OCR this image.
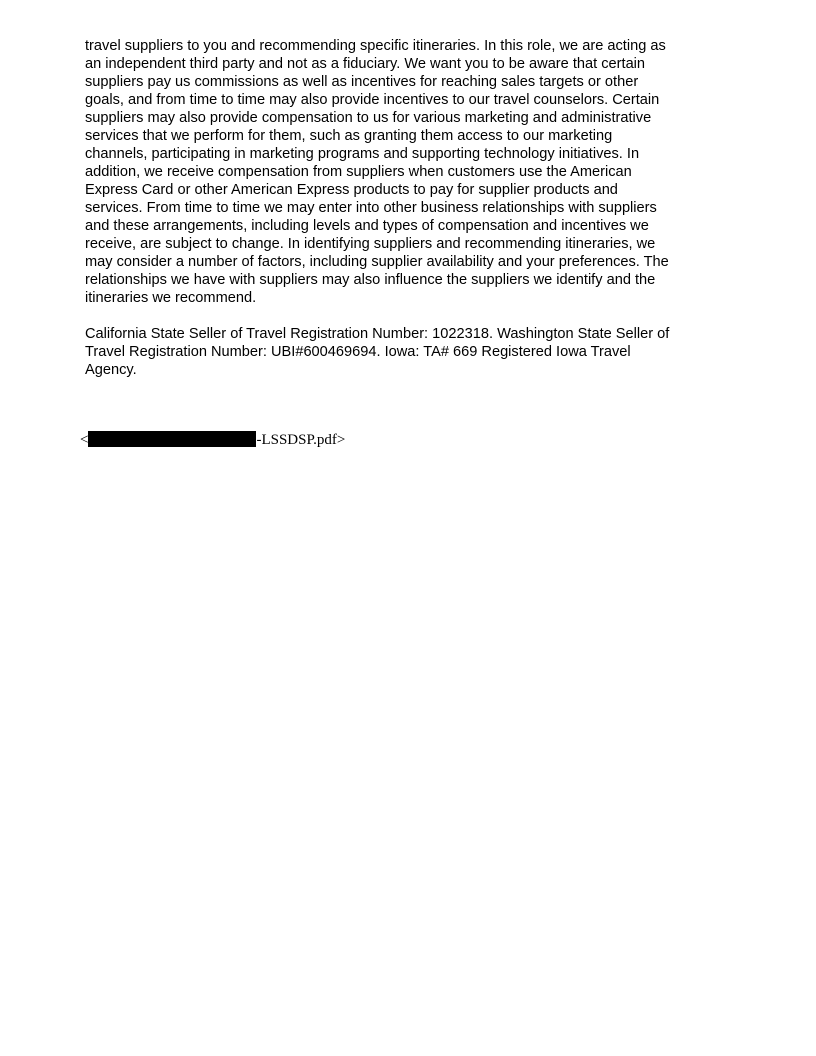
travel suppliers to you and recommending specific itineraries. In this role, we are acting as
an independent third party and not as a fiduciary. We want you to be aware that certain
suppliers pay us commissions as well as incentives for reaching sales targets or other
goals, and from time to time may also provide incentives to our travel counselors. Certain
suppliers may also provide compensation to us for various marketing and administrative
services that we perform for them, such as granting them access to our marketing
channels, participating in marketing programs and supporting technology initiatives. In
addition, we receive compensation from suppliers when customers use the American
Express Card or other American Express products to pay for supplier products and
services. From time to time we may enter into other business relationships with suppliers
and these arrangements, including levels and types of compensation and incentives we
receive, are subject to change. In identifying suppliers and recommending itineraries, we
may consider a number of factors, including supplier availability and your preferences. The
relationships we have with suppliers may also influence the suppliers we identify and the
itineraries we recommend.
California State Seller of Travel Registration Number: 1022318. Washington State Seller of
Travel Registration Number: UBI#600469694. Iowa: TA# 669 Registered Iowa Travel
Agency.
<	-LSSDSP.pdf>
